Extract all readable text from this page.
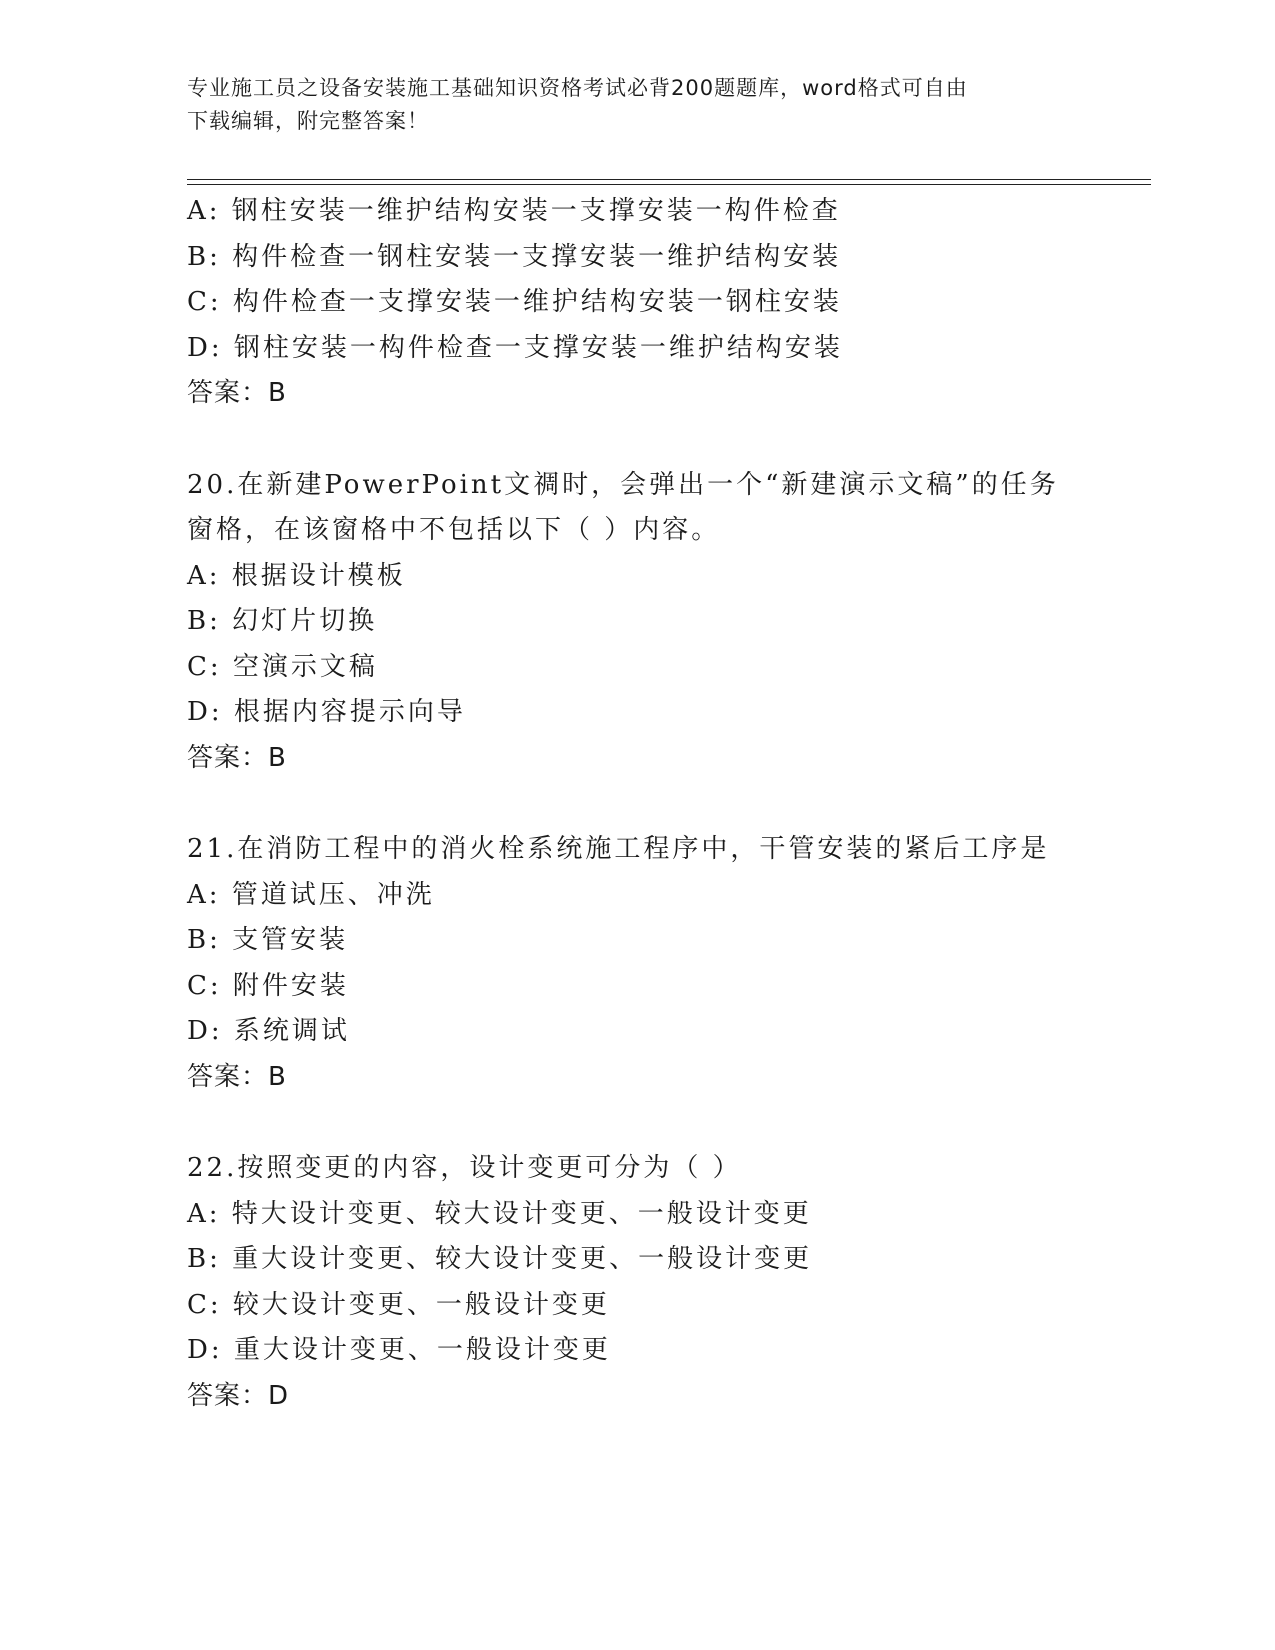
专业施工员之设备安装施工基础知识资格考试必背200题题库，word格式可自由
下载编辑，附完整答案！
A: 钢柱安装一维护结构安装一支撑安装一构件检查
B: 构件检查一钢柱安装一支撑安装一维护结构安装
C: 构件检查一支撑安装一维护结构安装一钢柱安装
D: 钢柱安装一构件检查一支撑安装一维护结构安装
答案：B
20.在新建PowerPoint文禂时，会弹出一个“新建演示文稿”的任务
窗格，在该窗格中不包括以下（ ）内容。
A: 根据设计模板
B: 幻灯片切换
C: 空演示文稿
D: 根据内容提示向导
答案：B
21.在消防工程中的消火栓系统施工程序中，干管安装的紧后工序是
A: 管道试压、冲洗
B: 支管安装
C: 附件安装
D: 系统调试
答案：B
22.按照变更的内容，设计变更可分为（ ）
A: 特大设计变更、较大设计变更、一般设计变更
B: 重大设计变更、较大设计变更、一般设计变更
C: 较大设计变更、一般设计变更
D: 重大设计变更、一般设计变更
答案：D
